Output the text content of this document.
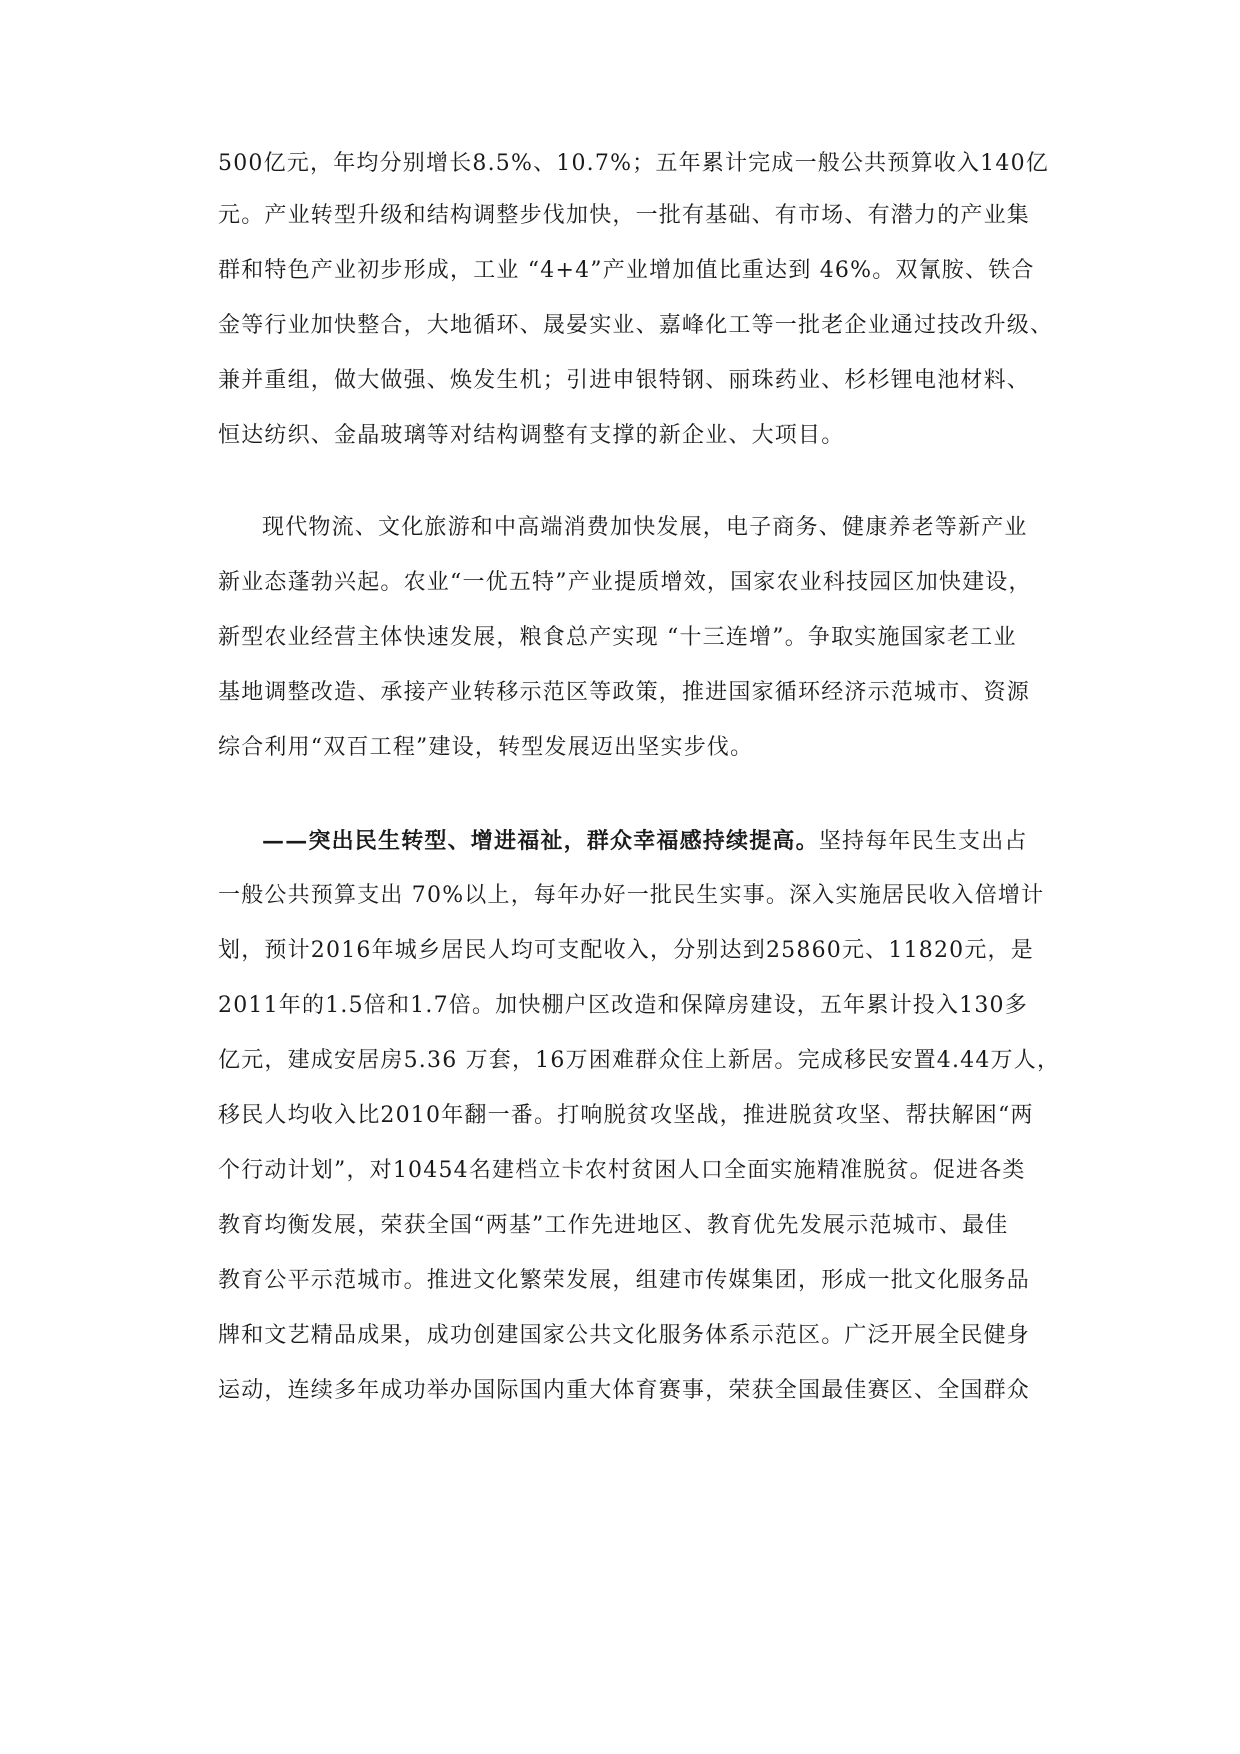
500亿元，年均分别增长8.5%、10.7%；五年累计完成一般公共预算收入140亿
元。产业转型升级和结构调整步伐加快，一批有基础、有市场、有潜力的产业集
群和特色产业初步形成，工业 “4+4”产业增加值比重达到 46%。双氰胺、铁合
金等行业加快整合，大地循环、晟晏实业、嘉峰化工等一批老企业通过技改升级、
兼并重组，做大做强、焕发生机；引进申银特钢、丽珠药业、杉杉锂电池材料、
恒达纺织、金晶玻璃等对结构调整有支撑的新企业、大项目。
现代物流、文化旅游和中高端消费加快发展，电子商务、健康养老等新产业
新业态蓬勃兴起。农业“一优五特”产业提质增效，国家农业科技园区加快建设，
新型农业经营主体快速发展，粮食总产实现 “十三连增”。争取实施国家老工业
基地调整改造、承接产业转移示范区等政策，推进国家循环经济示范城市、资源
综合利用“双百工程”建设，转型发展迈出坚实步伐。
——突出民生转型、增进福祉，群众幸福感持续提高。坚持每年民生支出占
一般公共预算支出 70%以上，每年办好一批民生实事。深入实施居民收入倍增计
划，预计2016年城乡居民人均可支配收入，分别达到25860元、11820元，是
2011年的1.5倍和1.7倍。加快棚户区改造和保障房建设，五年累计投入130多
亿元，建成安居房5.36 万套，16万困难群众住上新居。完成移民安置4.44万人，
移民人均收入比2010年翻一番。打响脱贫攻坚战，推进脱贫攻坚、帮扶解困“两
个行动计划”，对10454名建档立卡农村贫困人口全面实施精准脱贫。促进各类
教育均衡发展，荣获全国“两基”工作先进地区、教育优先发展示范城市、最佳
教育公平示范城市。推进文化繁荣发展，组建市传媒集团，形成一批文化服务品
牌和文艺精品成果，成功创建国家公共文化服务体系示范区。广泛开展全民健身
运动，连续多年成功举办国际国内重大体育赛事，荣获全国最佳赛区、全国群众
